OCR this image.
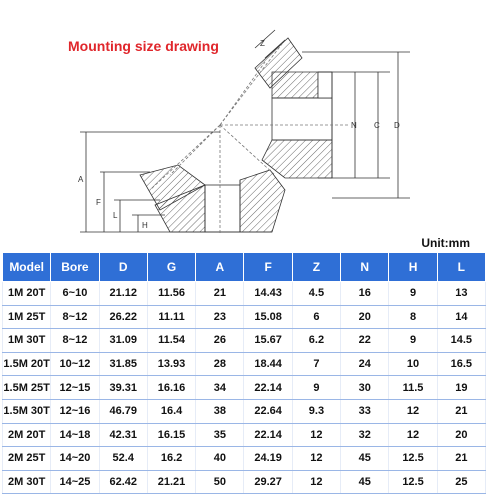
Mounting size drawing	Z
N C D
A
F
L
H
Unit:mm
Model	Bore	D	G	A	F	Z	N	H	L
1M 20T	6~10	21.12	11.56	21	14.43	4.5	16	9	13
1M 25T	8~12	26.22	11.11	23	15.08	6	20	8	14
1M 30T	8~12	31.09	11.54	26	15.67	6.2	22	9	14.5
1.5M 20T	10~12	31.85	13.93	28	18.44	7	24	10	16.5
1.5M 25T	12~15	39.31	16.16	34	22.14	9	30	11.5	19
1.5M 30T	12~16	46.79	16.4	38	22.64	9.3	33	12	21
2M 20T	14~18	42.31	16.15	35	22.14	12	32	12	20
2M 25T	14~20	52.4	16.2	40	24.19	12	45	12.5	21
2M 30T	14~25	62.42	21.21	50	29.27	12	45	12.5	25
